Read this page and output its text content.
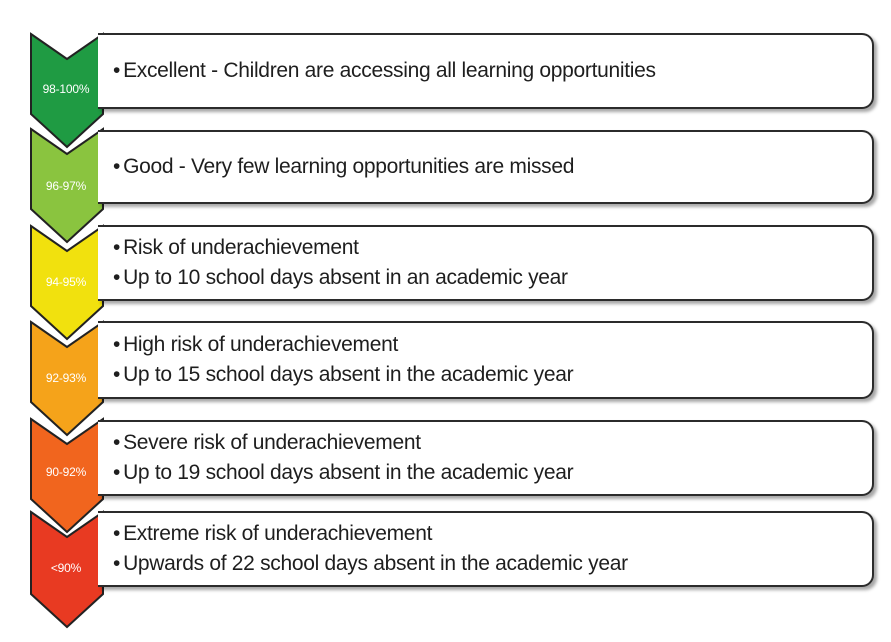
98-100%
• Excellent - Children are accessing all learning opportunities
96-97%
• Good - Very few learning opportunities are missed
94-95%
• Risk of underachievement
• Up to 10 school days absent in an academic year
92-93%
• High risk of underachievement
• Up to 15 school days absent in the academic year
90-92%
• Severe risk of underachievement
• Up to 19 school days absent in the academic year
<90%
• Extreme risk of underachievement
• Upwards of 22 school days absent in the academic year
